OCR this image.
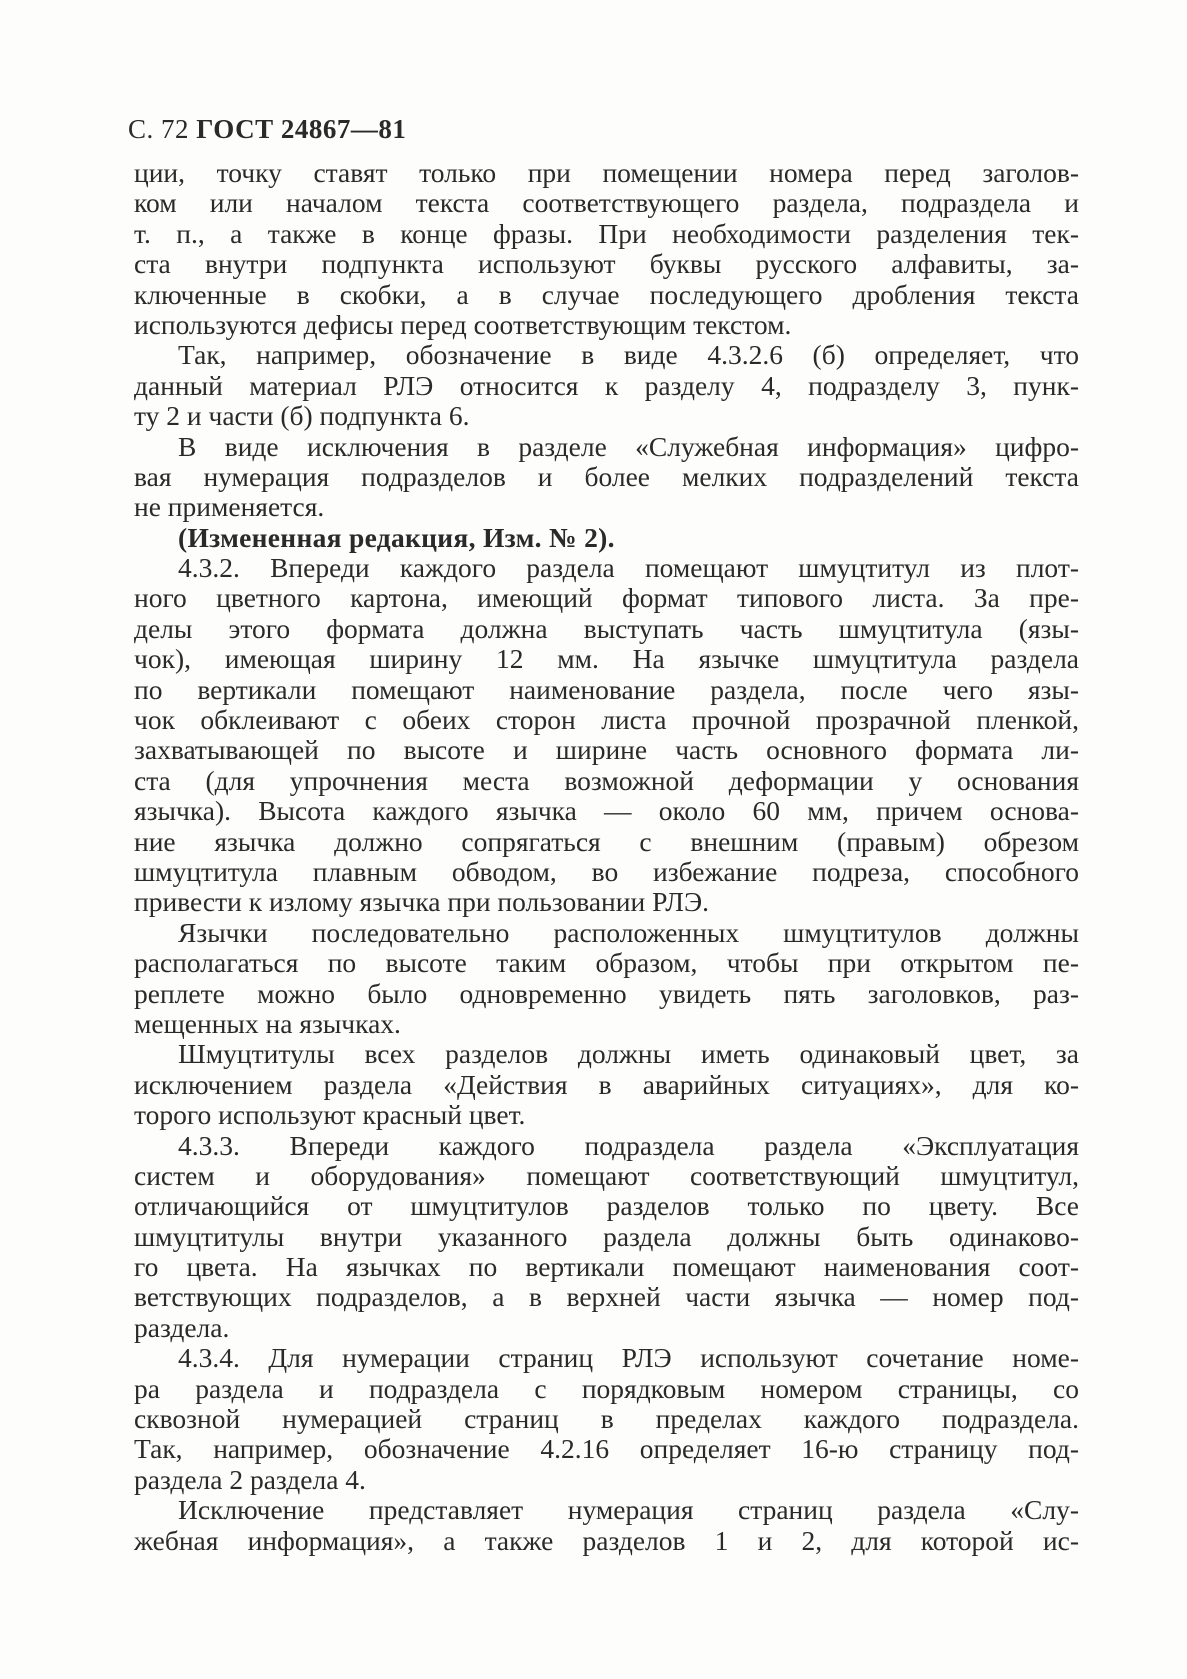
С. 72 ГОСТ 24867—81
ции, точку ставят только при помещении номера перед заголов-
ком или началом текста соответствующего раздела, подраздела и
т. п., а также в конце фразы. При необходимости разделения тек-
ста внутри подпункта используют буквы русского алфавиты, за-
ключенные в скобки, а в случае последующего дробления текста
используются дефисы перед соответствующим текстом.
Так, например, обозначение в виде 4.3.2.6 (б) определяет, что
данный материал РЛЭ относится к разделу 4, подразделу 3, пунк-
ту 2 и части (б) подпункта 6.
В виде исключения в разделе «Служебная информация» цифро-
вая нумерация подразделов и более мелких подразделений текста
не применяется.
(Измененная редакция, Изм. № 2).
4.3.2. Впереди каждого раздела помещают шмуцтитул из плот-
ного цветного картона, имеющий формат типового листа. За пре-
делы этого формата должна выступать часть шмуцтитула (язы-
чок), имеющая ширину 12 мм. На язычке шмуцтитула раздела
по вертикали помещают наименование раздела, после чего язы-
чок обклеивают с обеих сторон листа прочной прозрачной пленкой,
захватывающей по высоте и ширине часть основного формата ли-
ста (для упрочнения места возможной деформации у основания
язычка). Высота каждого язычка — около 60 мм, причем основа-
ние язычка должно сопрягаться с внешним (правым) обрезом
шмуцтитула плавным обводом, во избежание подреза, способного
привести к излому язычка при пользовании РЛЭ.
Язычки последовательно расположенных шмуцтитулов должны
располагаться по высоте таким образом, чтобы при открытом пе-
реплете можно было одновременно увидеть пять заголовков, раз-
мещенных на язычках.
Шмуцтитулы всех разделов должны иметь одинаковый цвет, за
исключением раздела «Действия в аварийных ситуациях», для ко-
торого используют красный цвет.
4.3.3. Впереди каждого подраздела раздела «Эксплуатация
систем и оборудования» помещают соответствующий шмуцтитул,
отличающийся от шмуцтитулов разделов только по цвету. Все
шмуцтитулы внутри указанного раздела должны быть одинаково-
го цвета. На язычках по вертикали помещают наименования соот-
ветствующих подразделов, а в верхней части язычка — номер под-
раздела.
4.3.4. Для нумерации страниц РЛЭ используют сочетание номе-
ра раздела и подраздела с порядковым номером страницы, со
сквозной нумерацией страниц в пределах каждого подраздела.
Так, например, обозначение 4.2.16 определяет 16-ю страницу под-
раздела 2 раздела 4.
Исключение представляет нумерация страниц раздела «Слу-
жебная информация», а также разделов 1 и 2, для которой ис-
